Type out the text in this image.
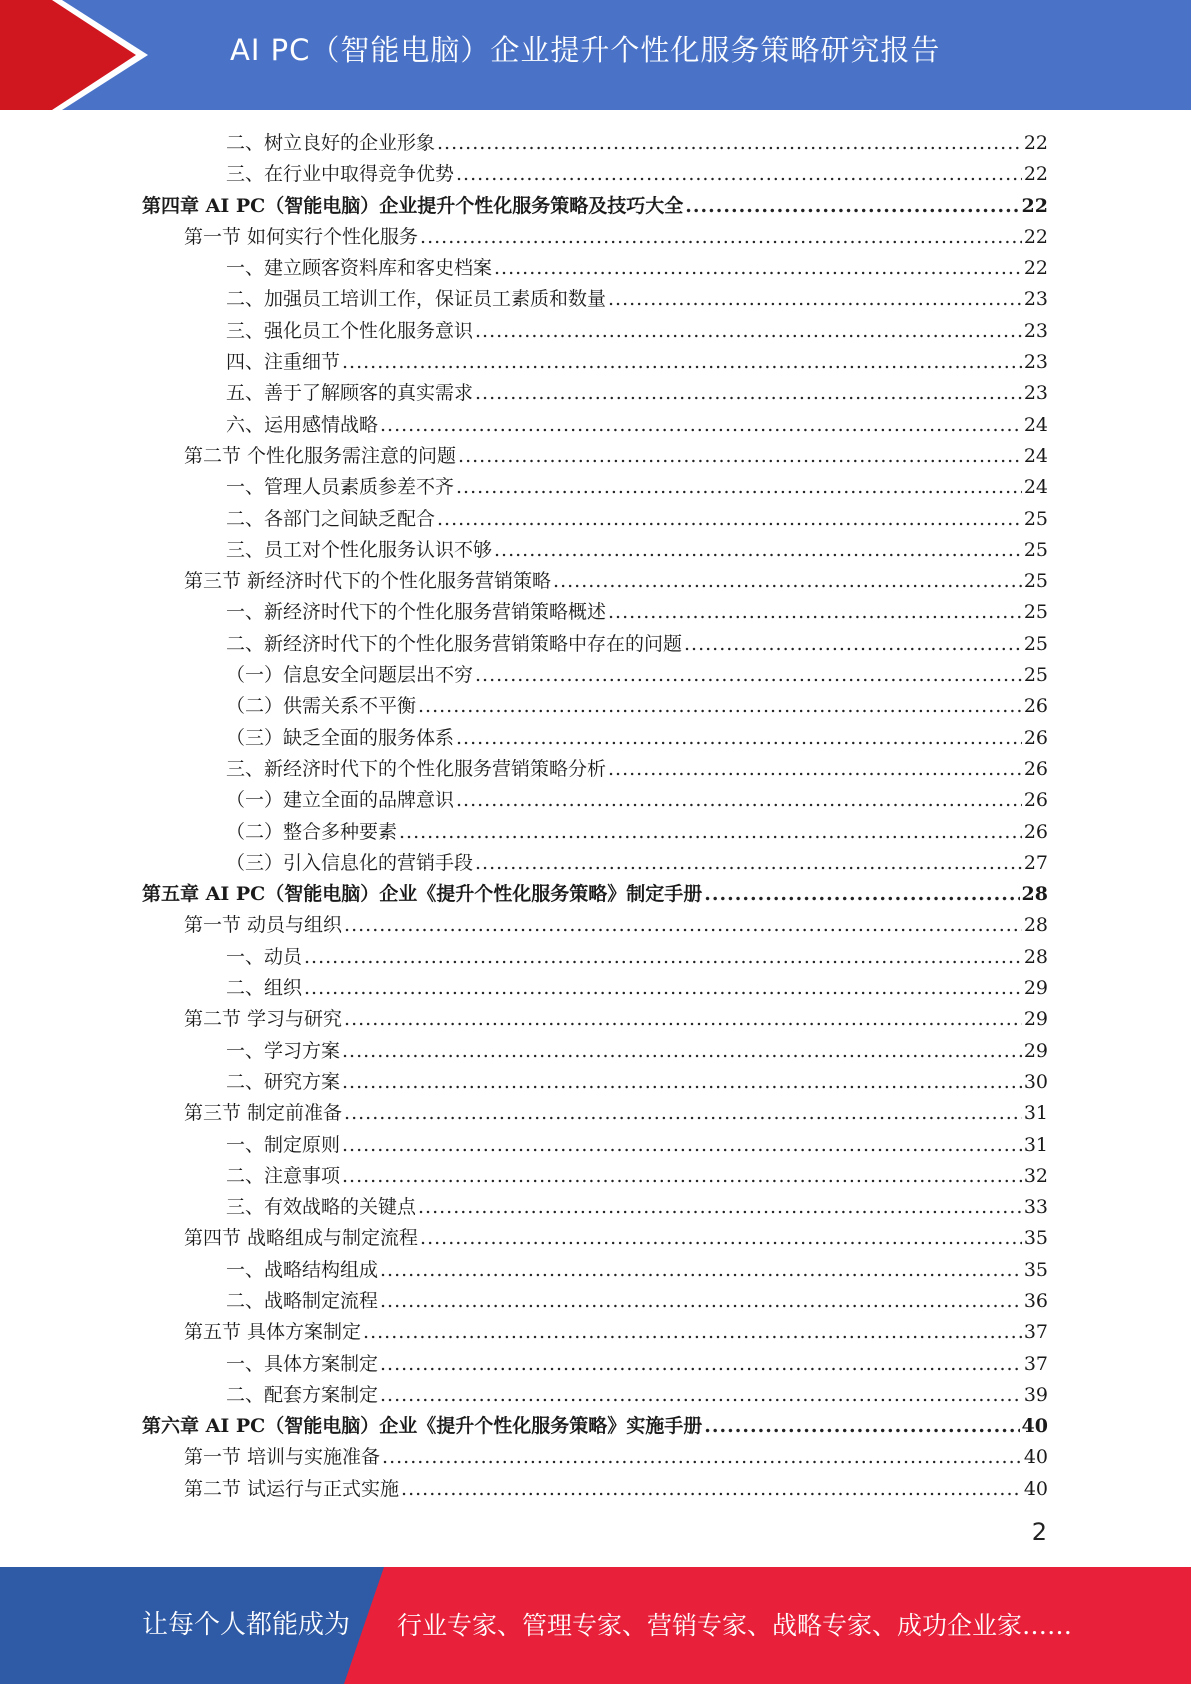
AI PC（智能电脑）企业提升个性化服务策略研究报告
二、树立良好的企业形象 .....	22
三、在行业中取得竞争优势 .....	22
第四章 AI PC（智能电脑）企业提升个性化服务策略及技巧大全 .....	22
第一节 如何实行个性化服务 .....	22
一、建立顾客资料库和客史档案 .....	22
二、加强员工培训工作，保证员工素质和数量 .....	23
三、强化员工个性化服务意识 .....	23
四、注重细节 .....	23
五、善于了解顾客的真实需求 .....	23
六、运用感情战略 .....	24
第二节 个性化服务需注意的问题 .....	24
一、管理人员素质参差不齐 .....	24
二、各部门之间缺乏配合 .....	25
三、员工对个性化服务认识不够 .....	25
第三节 新经济时代下的个性化服务营销策略 .....	25
一、新经济时代下的个性化服务营销策略概述 .....	25
二、新经济时代下的个性化服务营销策略中存在的问题 .....	25
（一）信息安全问题层出不穷 .....	25
（二）供需关系不平衡 .....	26
（三）缺乏全面的服务体系 .....	26
三、新经济时代下的个性化服务营销策略分析 .....	26
（一）建立全面的品牌意识 .....	26
（二）整合多种要素 .....	26
（三）引入信息化的营销手段 .....	27
第五章 AI PC（智能电脑）企业《提升个性化服务策略》制定手册 .....	28
第一节 动员与组织 .....	28
一、动员 .....	28
二、组织 .....	29
第二节 学习与研究 .....	29
一、学习方案 .....	29
二、研究方案 .....	30
第三节 制定前准备 .....	31
一、制定原则 .....	31
二、注意事项 .....	32
三、有效战略的关键点 .....	33
第四节 战略组成与制定流程 .....	35
一、战略结构组成 .....	35
二、战略制定流程 .....	36
第五节 具体方案制定 .....	37
一、具体方案制定 .....	37
二、配套方案制定 .....	39
第六章 AI PC（智能电脑）企业《提升个性化服务策略》实施手册 .....	40
第一节 培训与实施准备 .....	40
第二节 试运行与正式实施 .....	40
2
让每个人都能成为 行业专家、管理专家、营销专家、战略专家、成功企业家……
